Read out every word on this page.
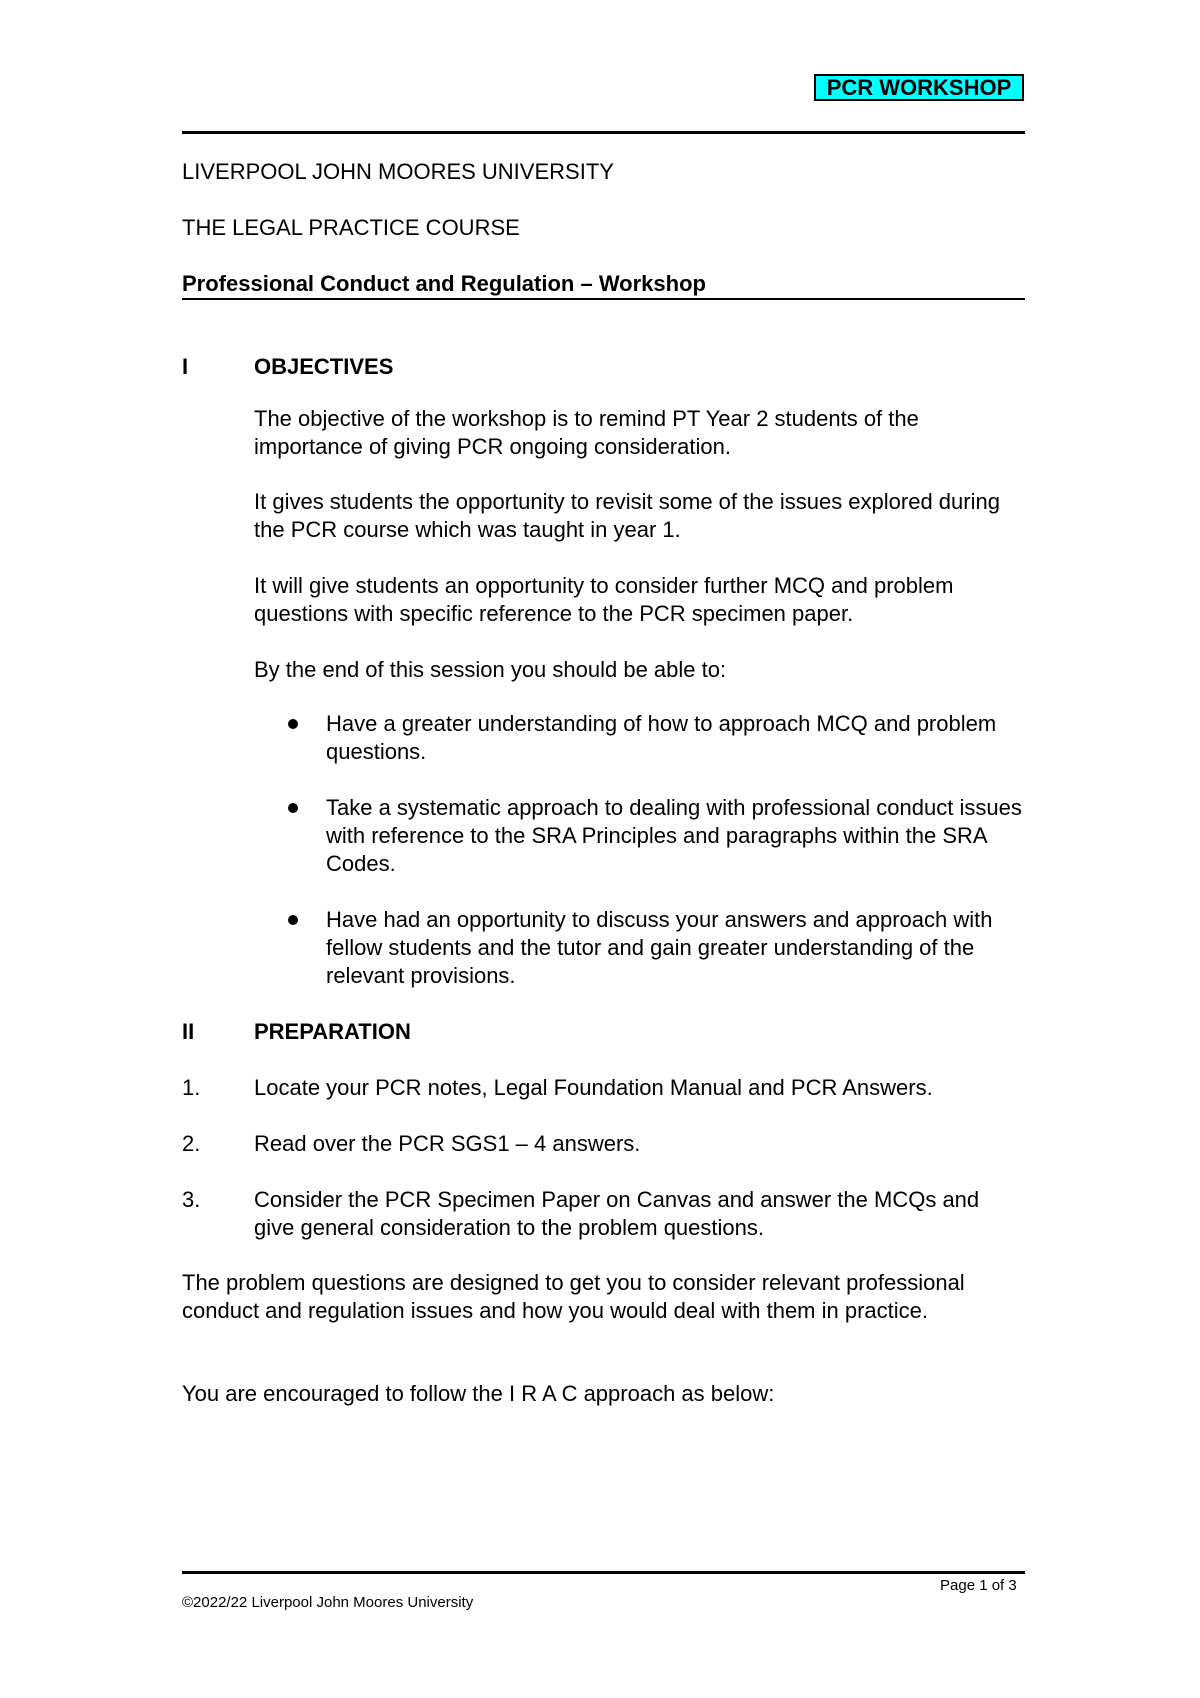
PCR WORKSHOP
LIVERPOOL JOHN MOORES UNIVERSITY
THE LEGAL PRACTICE COURSE
Professional Conduct and Regulation – Workshop
I	OBJECTIVES
The objective of the workshop is to remind PT Year 2 students of the importance of giving PCR ongoing consideration.
It gives students the opportunity to revisit some of the issues explored during the PCR course which was taught in year 1.
It will give students an opportunity to consider further MCQ and problem questions with specific reference to the PCR specimen paper.
By the end of this session you should be able to:
Have a greater understanding of how to approach MCQ and problem questions.
Take a systematic approach to dealing with professional conduct issues with reference to the SRA Principles and paragraphs within the SRA Codes.
Have had an opportunity to discuss your answers and approach with fellow students and the tutor and gain greater understanding of the relevant provisions.
II	PREPARATION
1. Locate your PCR notes, Legal Foundation Manual and PCR Answers.
2. Read over the PCR SGS1 – 4 answers.
3. Consider the PCR Specimen Paper on Canvas and answer the MCQs and give general consideration to the problem questions.
The problem questions are designed to get you to consider relevant professional conduct and regulation issues and how you would deal with them in practice.
You are encouraged to follow the I R A C approach as below:
Page 1 of 3
©2022/22 Liverpool John Moores University
